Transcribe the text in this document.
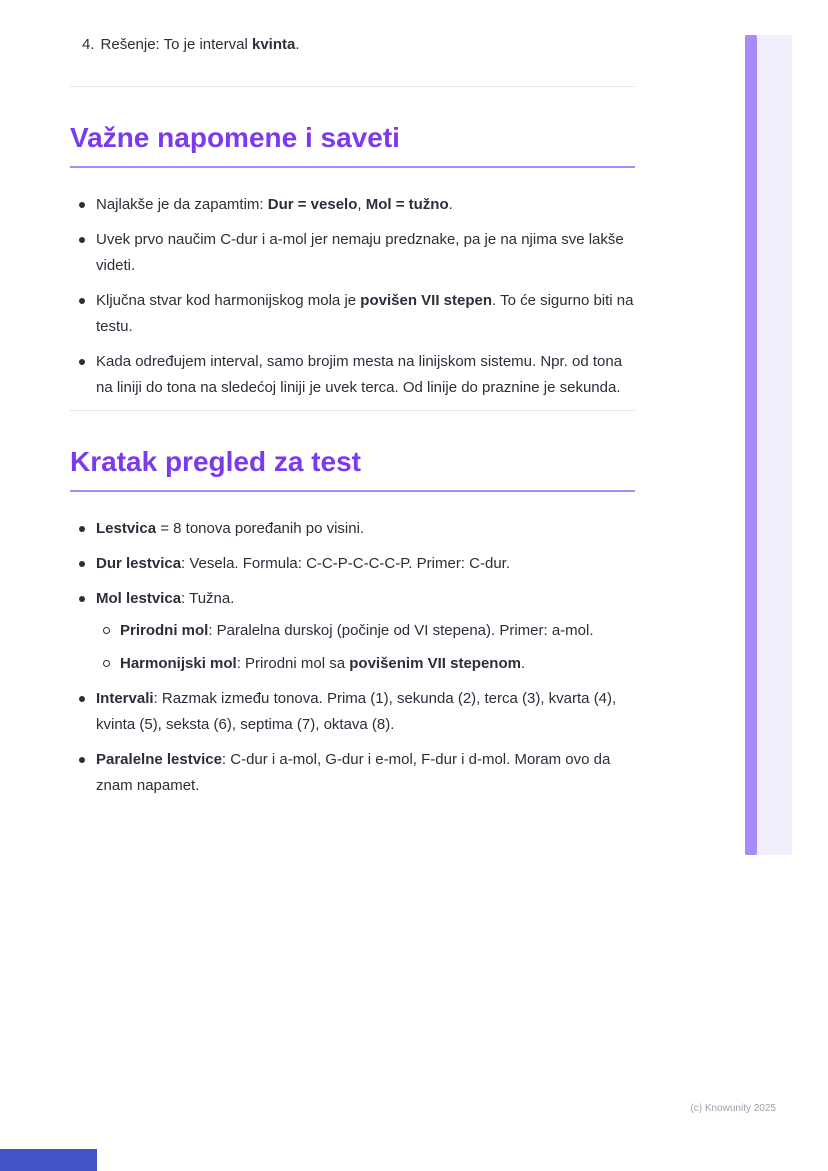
4. Rešenje: To je interval kvinta.
Važne napomene i saveti
Najlakše je da zapamtim: Dur = veselo, Mol = tužno.
Uvek prvo naučim C-dur i a-mol jer nemaju predznake, pa je na njima sve lakše videti.
Ključna stvar kod harmonijskog mola je povišen VII stepen. To će sigurno biti na testu.
Kada određujem interval, samo brojim mesta na linijskom sistemu. Npr. od tona na liniji do tona na sledećoj liniji je uvek terca. Od linije do praznine je sekunda.
Kratak pregled za test
Lestvica = 8 tonova poređanih po visini.
Dur lestvica: Vesela. Formula: C-C-P-C-C-C-P. Primer: C-dur.
Mol lestvica: Tužna.
Prirodni mol: Paralelna durskoj (počinje od VI stepena). Primer: a-mol.
Harmonijski mol: Prirodni mol sa povišenim VII stepenom.
Intervali: Razmak između tonova. Prima (1), sekunda (2), terca (3), kvarta (4), kvinta (5), seksta (6), septima (7), oktava (8).
Paralelne lestvice: C-dur i a-mol, G-dur i e-mol, F-dur i d-mol. Moram ovo da znam napamet.
(c) Knowunity 2025
